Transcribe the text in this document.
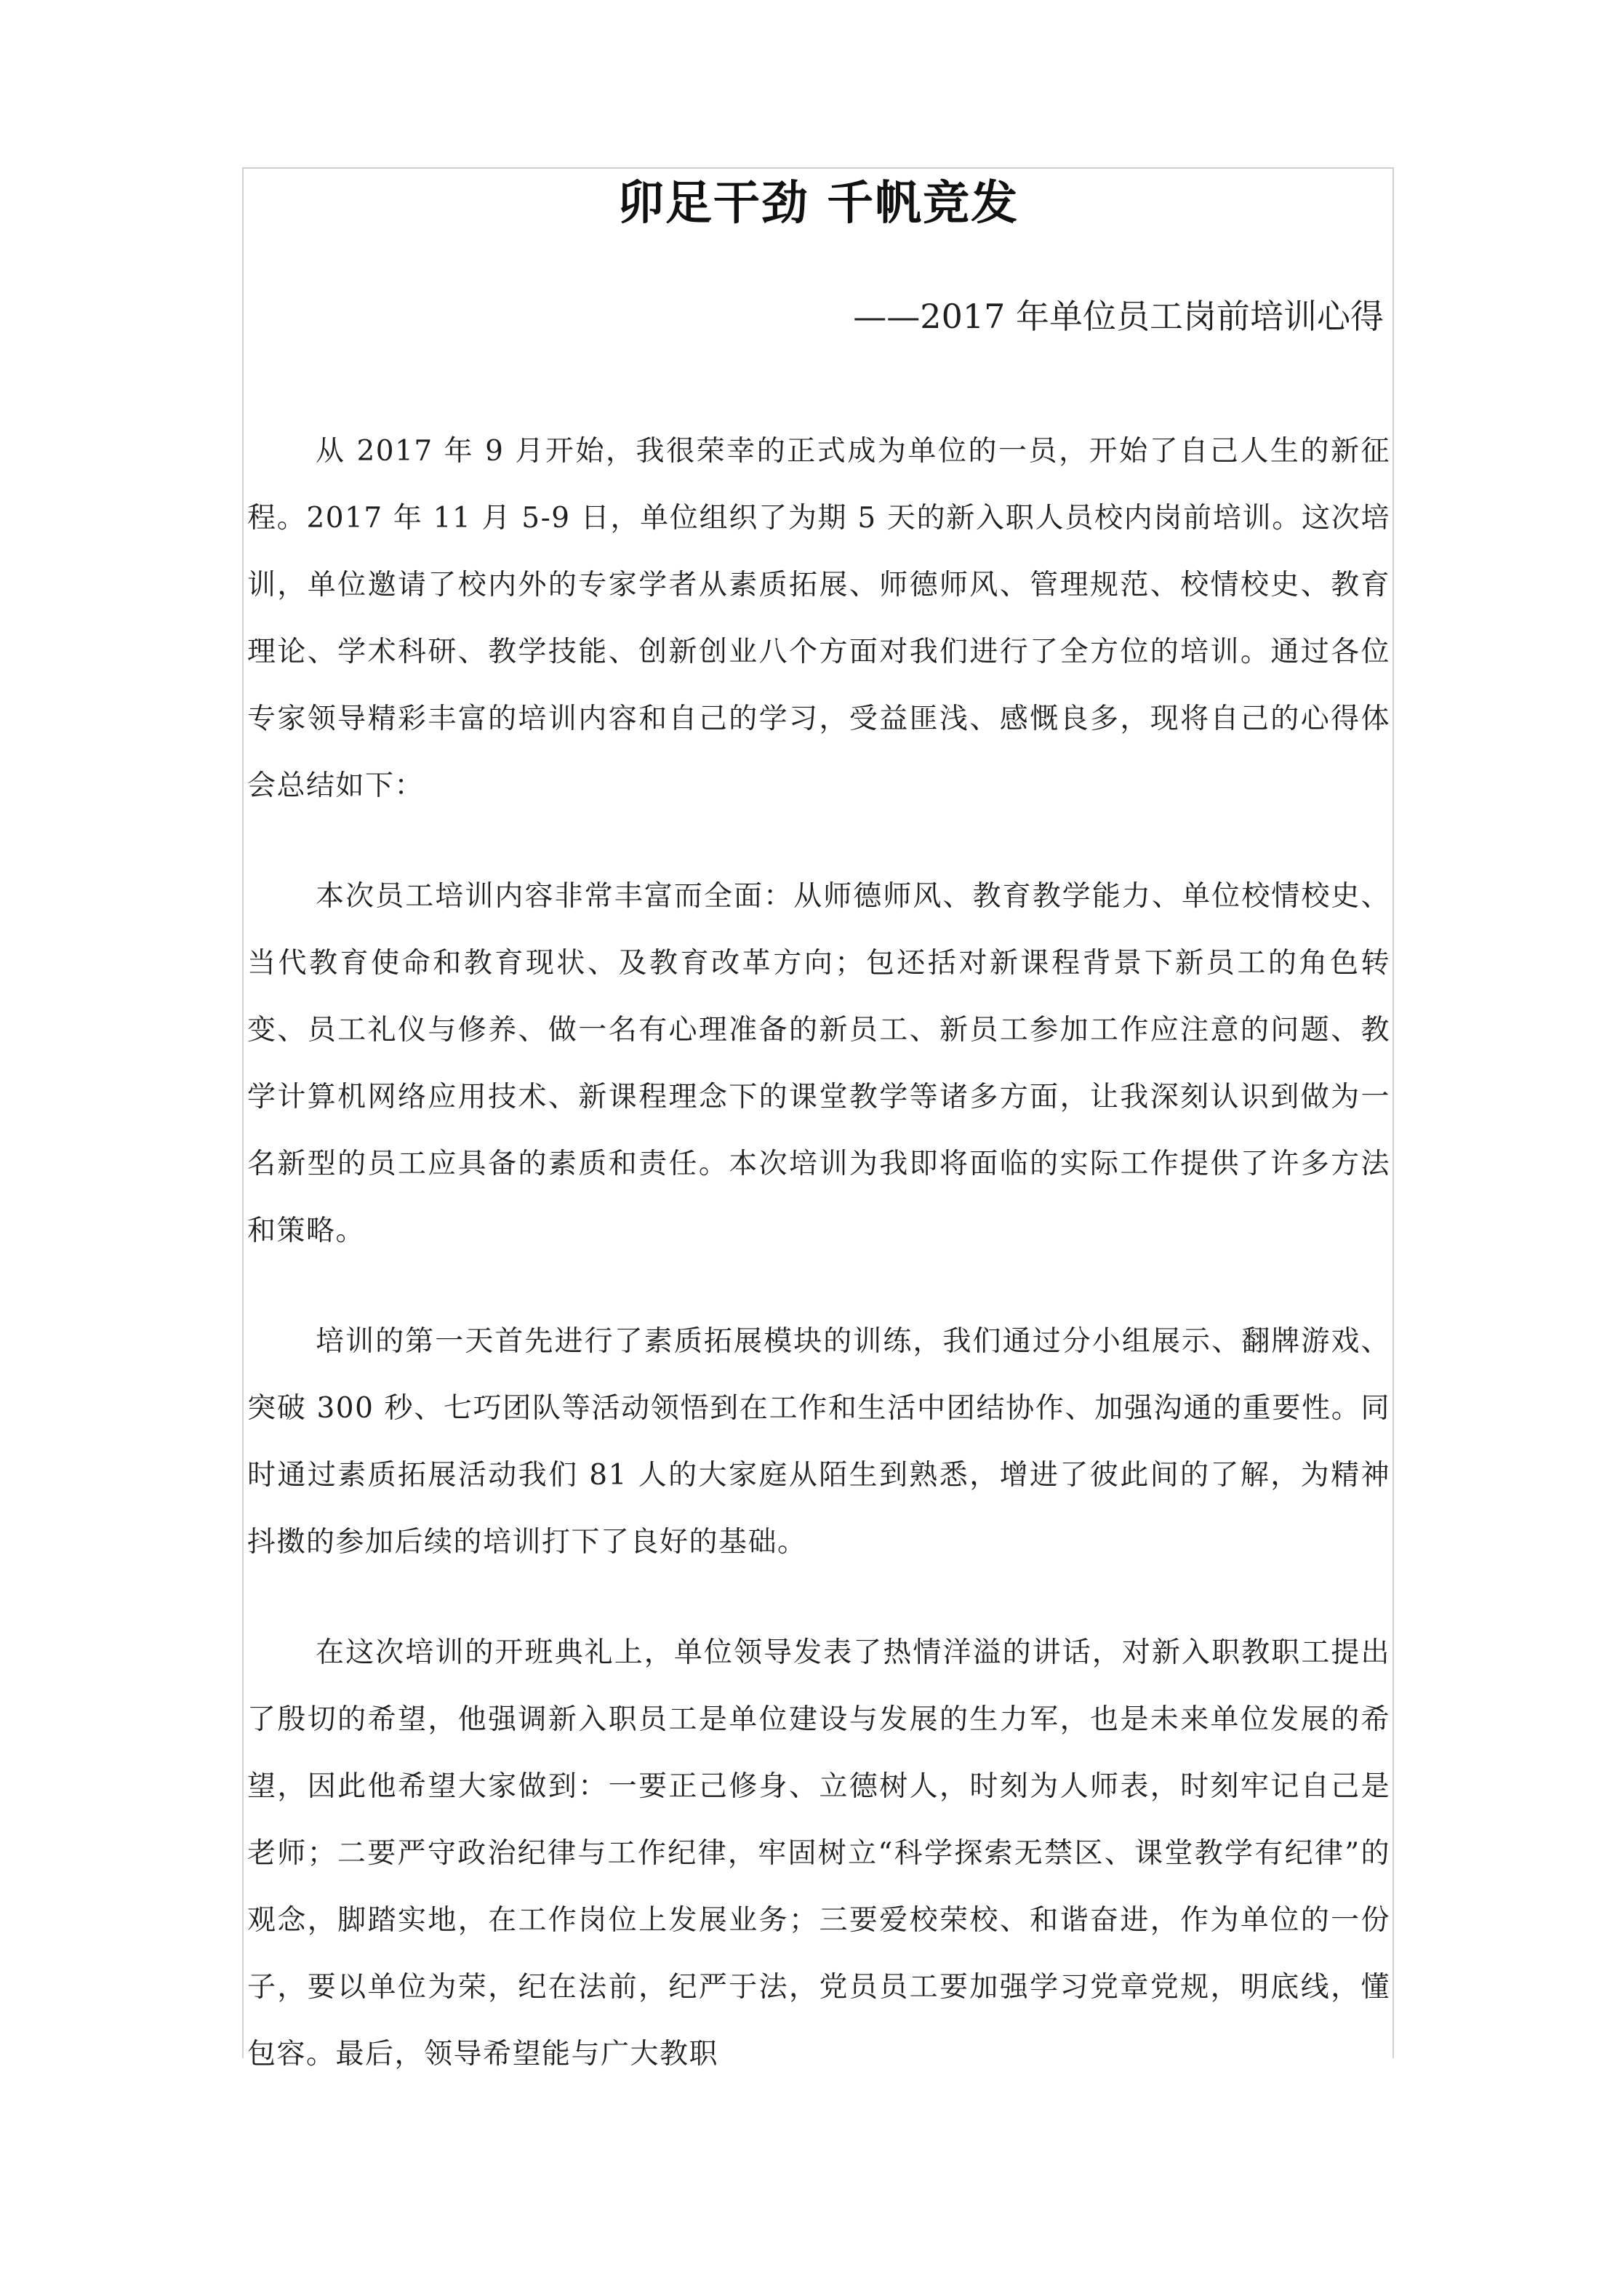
卯足干劲 千帆竞发
——2017 年单位员工岗前培训心得

从 2017 年 9 月开始，我很荣幸的正式成为单位的一员，开始了自己人生的新征程。2017 年 11 月 5-9 日，单位组织了为期 5 天的新入职人员校内岗前培训。这次培训，单位邀请了校内外的专家学者从素质拓展、师德师风、管理规范、校情校史、教育理论、学术科研、教学技能、创新创业八个方面对我们进行了全方位的培训。通过各位专家领导精彩丰富的培训内容和自己的学习，受益匪浅、感慨良多，现将自己的心得体会总结如下：

本次员工培训内容非常丰富而全面：从师德师风、教育教学能力、单位校情校史、当代教育使命和教育现状、及教育改革方向；包还括对新课程背景下新员工的角色转变、员工礼仪与修养、做一名有心理准备的新员工、新员工参加工作应注意的问题、教学计算机网络应用技术、新课程理念下的课堂教学等诸多方面，让我深刻认识到做为一名新型的员工应具备的素质和责任。本次培训为我即将面临的实际工作提供了许多方法和策略。

培训的第一天首先进行了素质拓展模块的训练，我们通过分小组展示、翻牌游戏、突破 300 秒、七巧团队等活动领悟到在工作和生活中团结协作、加强沟通的重要性。同时通过素质拓展活动我们 81 人的大家庭从陌生到熟悉，增进了彼此间的了解，为精神抖擞的参加后续的培训打下了良好的基础。

在这次培训的开班典礼上，单位领导发表了热情洋溢的讲话，对新入职教职工提出了殷切的希望，他强调新入职员工是单位建设与发展的生力军，也是未来单位发展的希望，因此他希望大家做到：一要正己修身、立德树人，时刻为人师表，时刻牢记自己是老师；二要严守政治纪律与工作纪律，牢固树立“科学探索无禁区、课堂教学有纪律”的观念，脚踏实地，在工作岗位上发展业务；三要爱校荣校、和谐奋进，作为单位的一份子，要以单位为荣，纪在法前，纪严于法，党员员工要加强学习党章党规，明底线，懂包容。最后，领导希望能与广大教职
